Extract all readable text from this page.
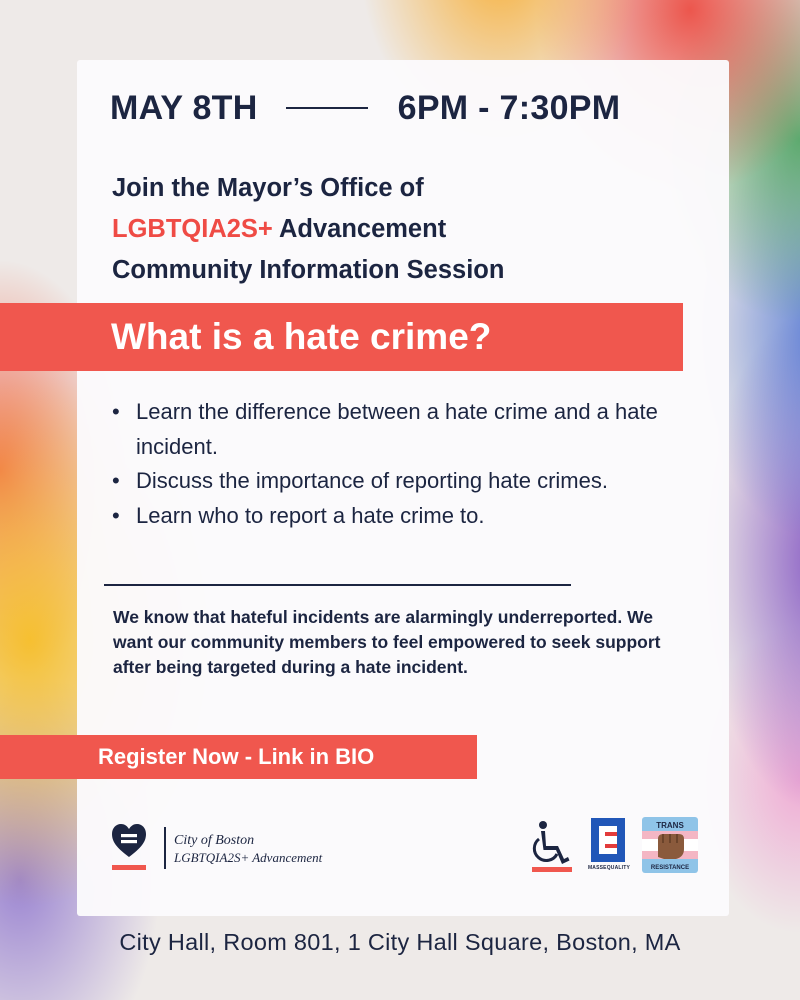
MAY 8TH	6PM - 7:30PM
Join the Mayor’s Office of
LGBTQIA2S+ Advancement
Community Information Session
What is a hate crime?
• Learn the difference between a hate crime and a hate incident.
• Discuss the importance of reporting hate crimes.
• Learn who to report a hate crime to.
We know that hateful incidents are alarmingly underreported. We want our community members to feel empowered to seek support after being targeted during a hate incident.
Register Now - Link in BIO
City of Boston
LGBTQIA2S+ Advancement
MASSEQUALITY
TRANS
RESISTANCE
City Hall, Room 801, 1 City Hall Square, Boston, MA
